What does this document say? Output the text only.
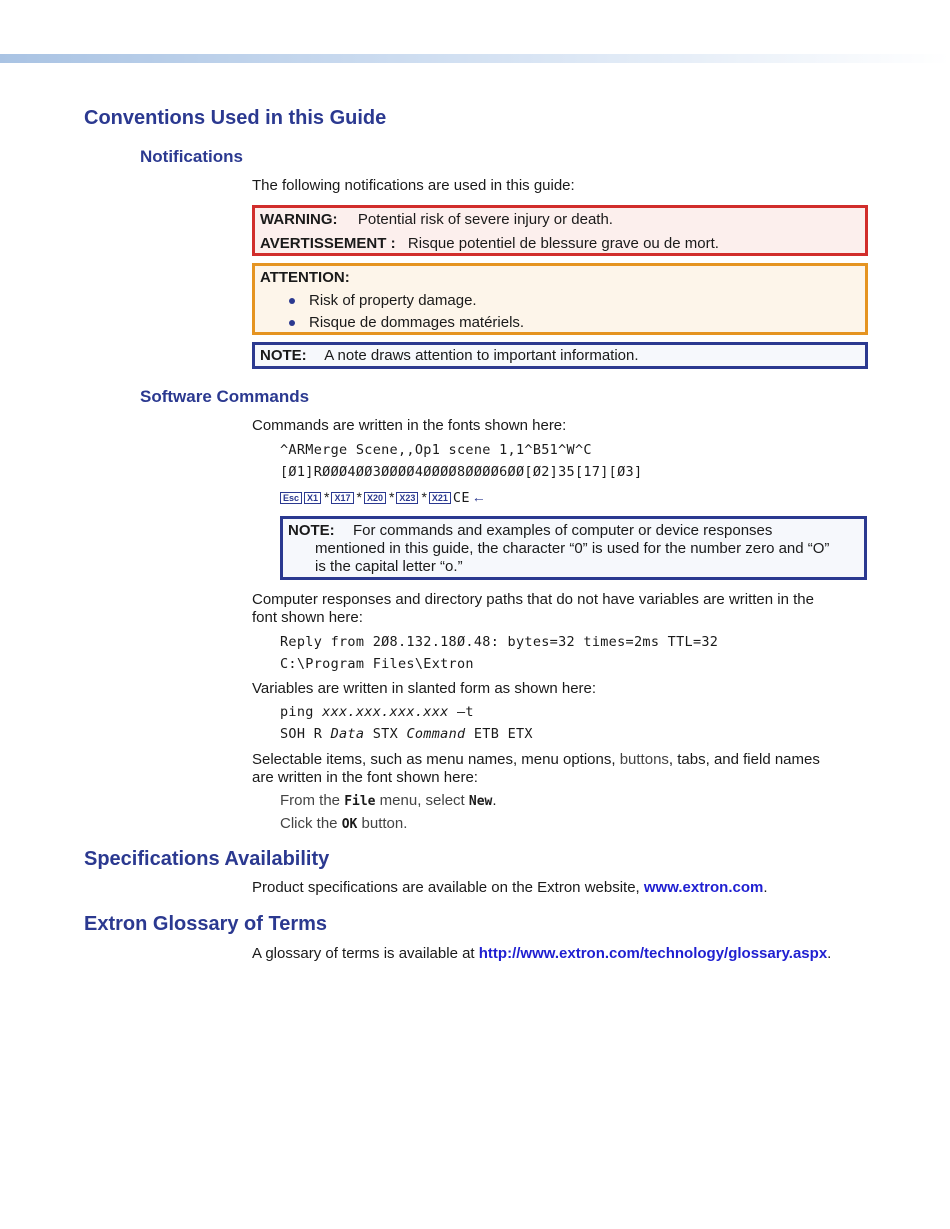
Conventions Used in this Guide
Notifications
The following notifications are used in this guide:
WARNING: Potential risk of severe injury or death.
AVERTISSEMENT : Risque potentiel de blessure grave ou de mort.
ATTENTION:
Risk of property damage.
Risque de dommages matériels.
NOTE: A note draws attention to important information.
Software Commands
Commands are written in the fonts shown here:
^ARMerge Scene,,Op1 scene 1,1^B51^W^C
[Ø1]RØØØ4ØØ3ØØØØ4ØØØØ8ØØØØ6ØØ[Ø2]35[17][Ø3]
Esc X1 * X17 * X20 * X23 * X21 CE ←
NOTE: For commands and examples of computer or device responses
mentioned in this guide, the character “0” is used for the number zero and “O”
is the capital letter “o.”
Computer responses and directory paths that do not have variables are written in the
font shown here:
Reply from 2Ø8.132.18Ø.48: bytes=32 times=2ms TTL=32
C:\Program Files\Extron
Variables are written in slanted form as shown here:
ping xxx.xxx.xxx.xxx —t
SOH R Data STX Command ETB ETX
Selectable items, such as menu names, menu options, buttons, tabs, and field names
are written in the font shown here:
From the File menu, select New.
Click the OK button.
Specifications Availability
Product specifications are available on the Extron website, www.extron.com.
Extron Glossary of Terms
A glossary of terms is available at http://www.extron.com/technology/glossary.aspx.
